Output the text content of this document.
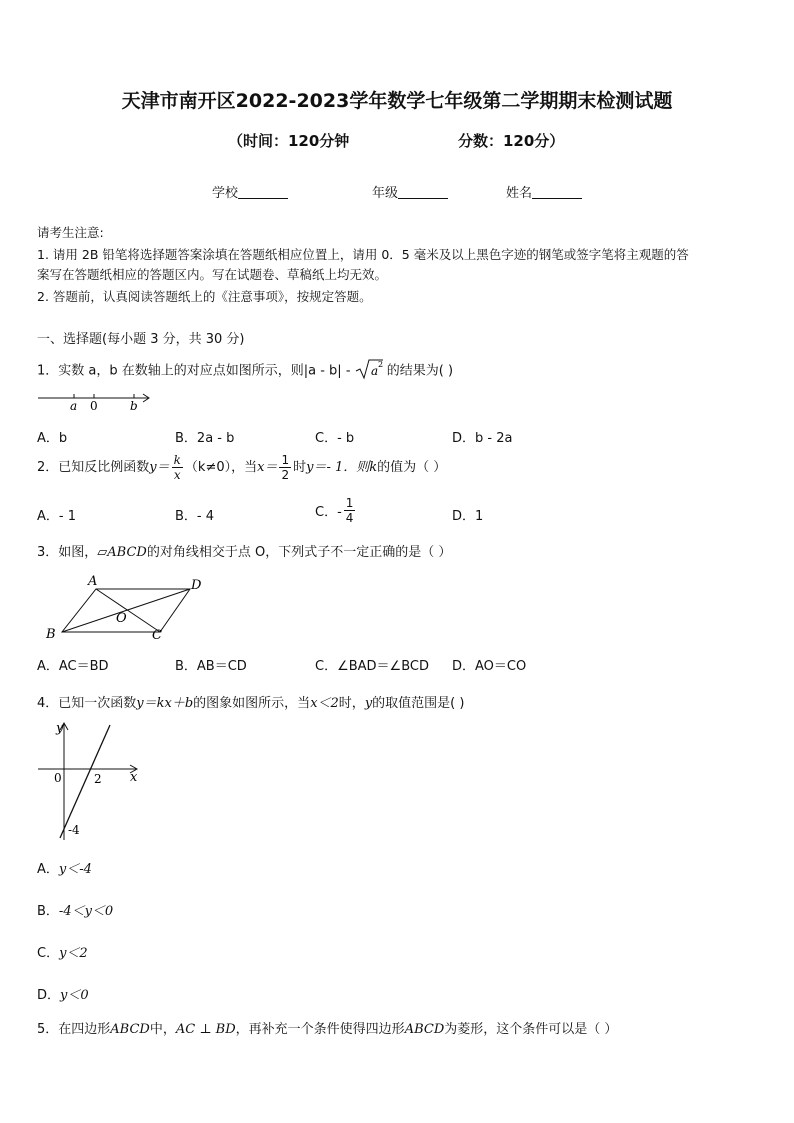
天津市南开区2022-2023学年数学七年级第二学期期末检测试题
（时间：120分钟	分数：120分）
学校	年级	姓名
请考生注意:
1. 请用 2B 铅笔将选择题答案涂填在答题纸相应位置上，请用 0．5 毫米及以上黑色字迹的钢笔或签字笔将主观题的答
案写在答题纸相应的答题区内。写在试题卷、草稿纸上均无效。
2. 答题前，认真阅读答题纸上的《注意事项》，按规定答题。
一、选择题(每小题 3 分，共 30 分)
1．实数 a，b 在数轴上的对应点如图所示，则|a - b| - a 2 的结果为( )
a 0	b
A．b	B．2a - b	C．- b	D．b - 2a
2．已知反比例函数$y= \frac{k}{x} (k\ne 0)$，当$x= \frac{1}{2}$ 时y＝- 1．则k的值为（ ）
A．- 1	B．- 4	C．- $\frac{1}{4}$	D．1
3．如图，▱ABCD的对角线相交于点 O，下列式子不一定正确的是（ ）
A	D
O
B	C
A．AC＝BD	B．AB＝CD	C．∠BAD＝∠BCD D．AO＝CO
4．已知一次函数y＝kx＋b的图象如图所示，当x＜2时，y的取值范围是( )
y
0	2 x
-4
A．y＜-4
B．-4＜y＜0
C．y＜2
D．y＜0
5．在四边形ABCD中，AC ⊥ BD，再补充一个条件使得四边形ABCD为菱形，这个条件可以是（ ）
